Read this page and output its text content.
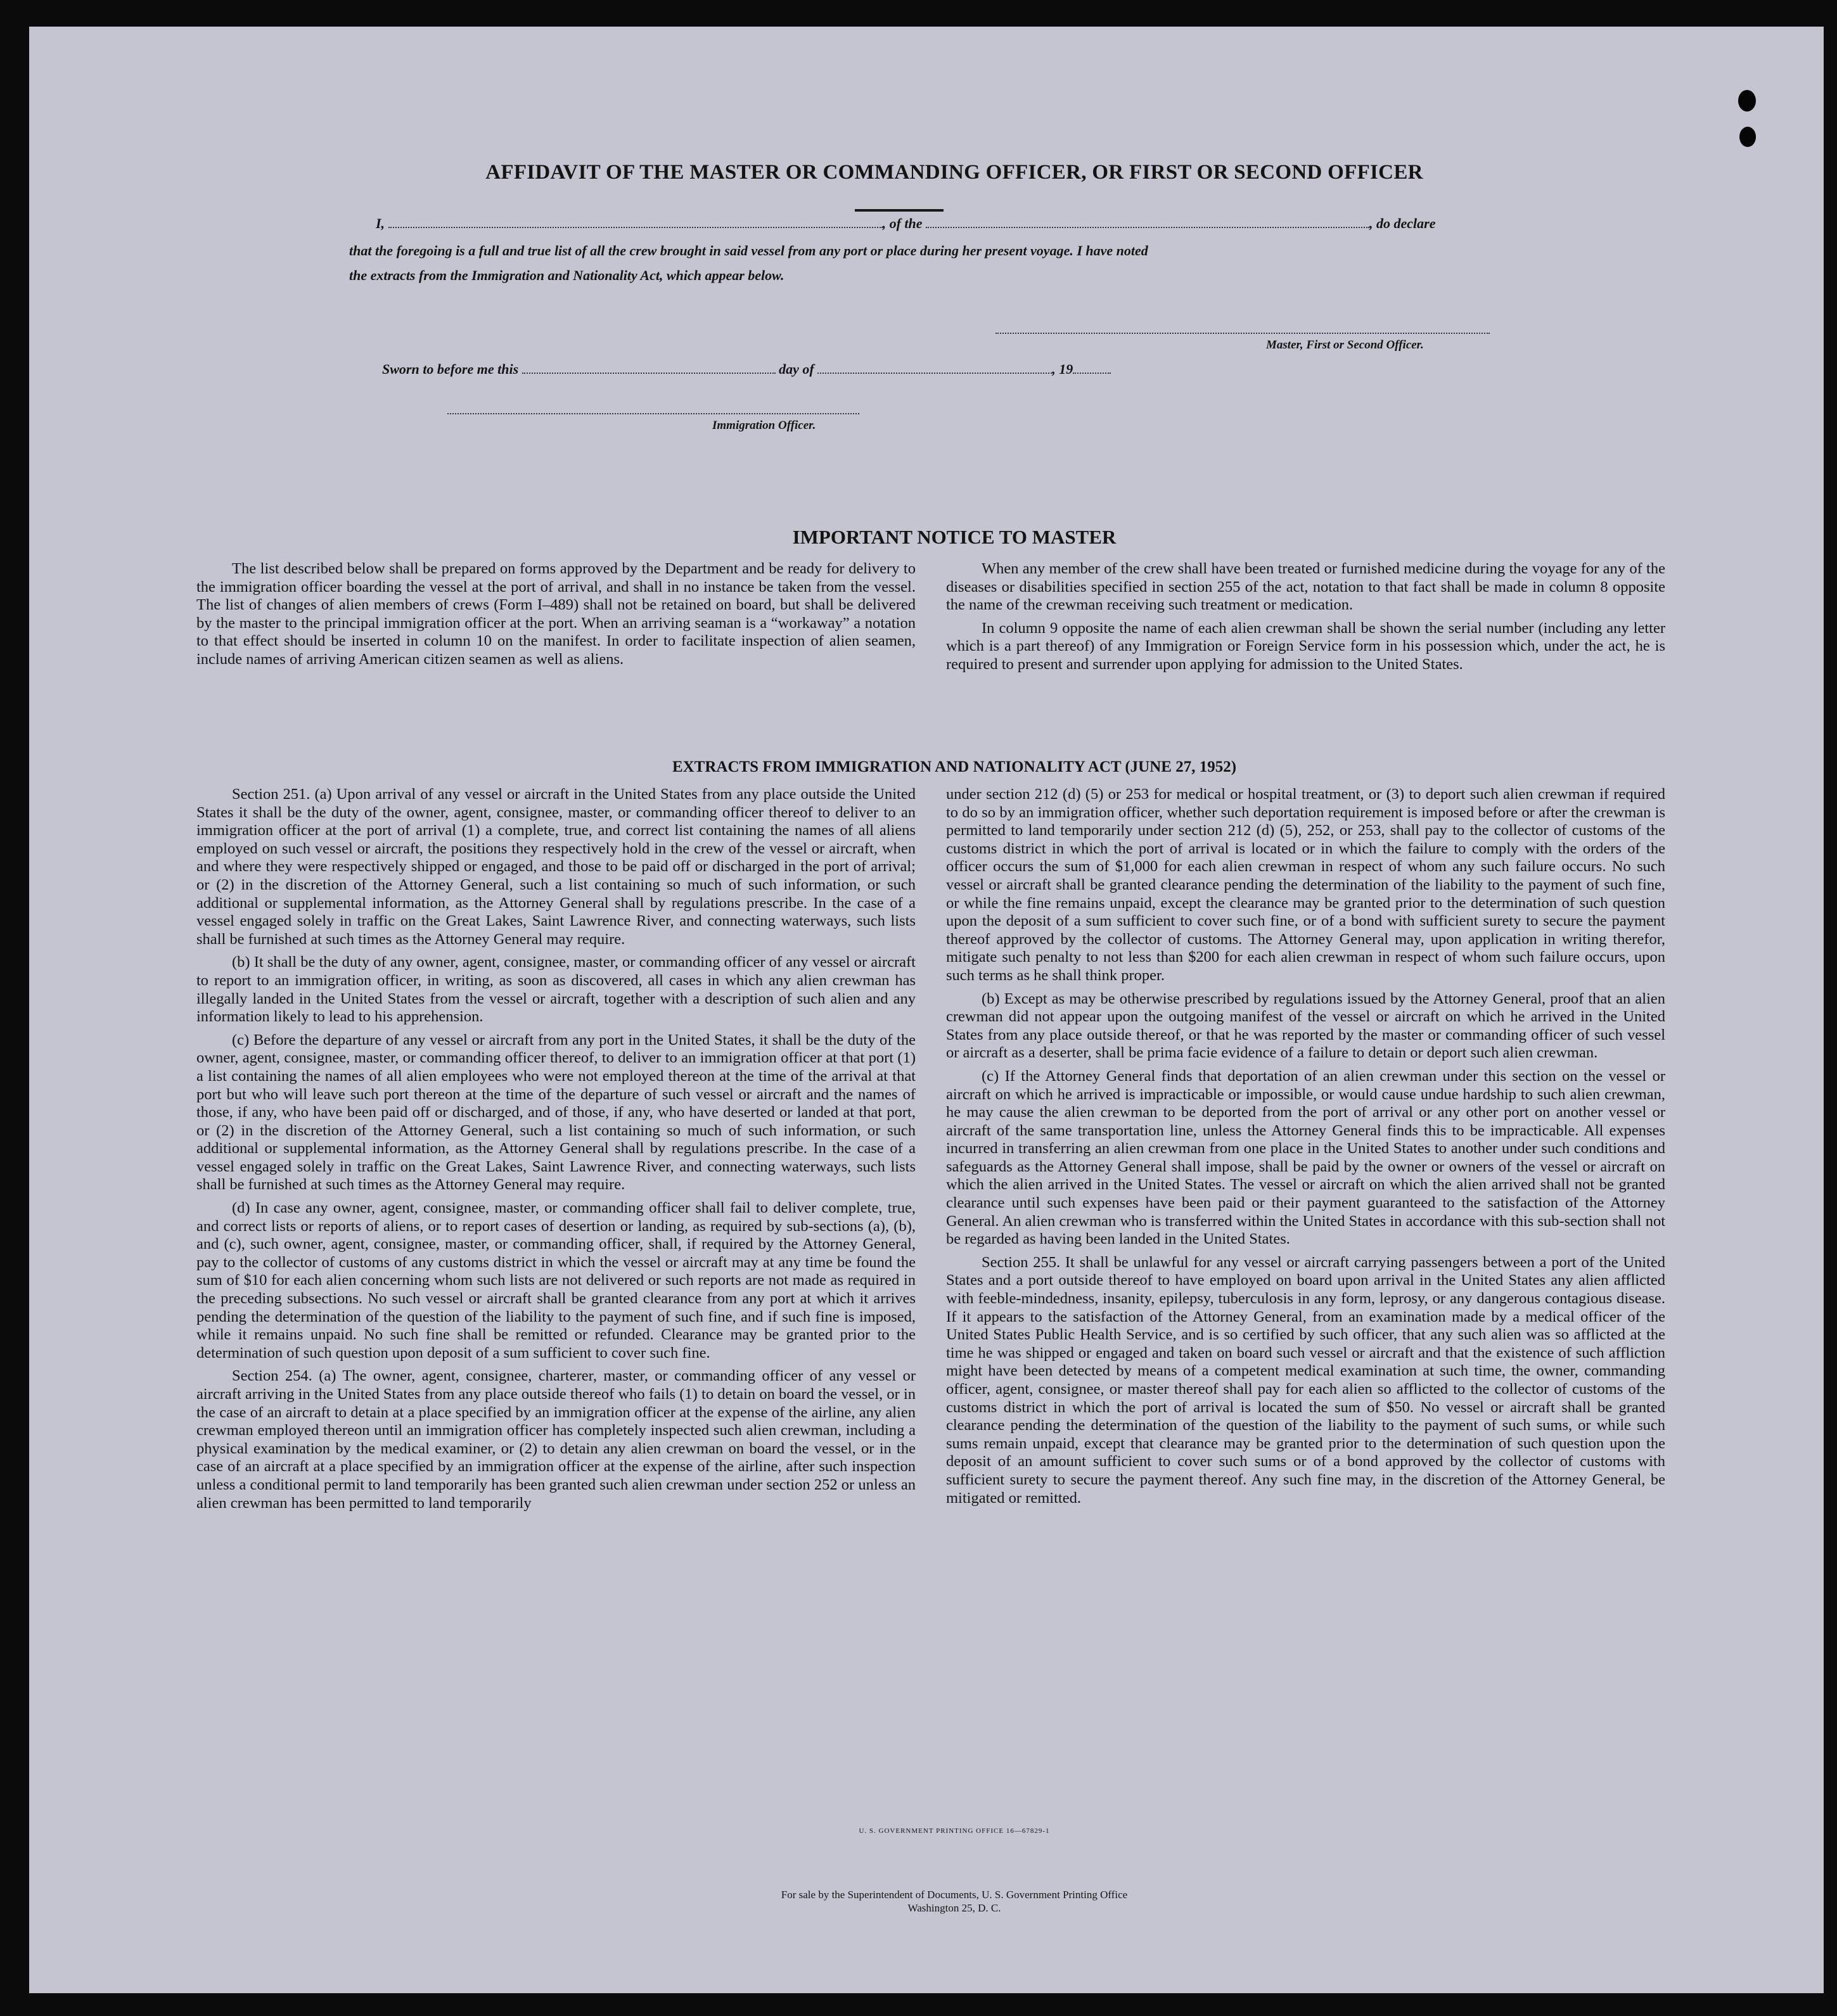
AFFIDAVIT OF THE MASTER OR COMMANDING OFFICER, OR FIRST OR SECOND OFFICER
I,	, of the	, do declare
that the foregoing is a full and true list of all the crew brought in said vessel from any port or place during her present voyage. I have noted
the extracts from the Immigration and Nationality Act, which appear below.
Master, First or Second Officer.
Sworn to before me this	day of	, 19
Immigration Officer.
IMPORTANT NOTICE TO MASTER

The list described below shall be prepared on forms approved by the Department and be ready for delivery to the immigration officer boarding the vessel at the port of arrival, and shall in no instance be taken from the vessel. The list of changes of alien members of crews (Form I–489) shall not be retained on board, but shall be delivered by the master to the principal immigration officer at the port. When an arriving seaman is a “workaway” a notation to that effect should be inserted in column 10 on the manifest. In order to facilitate inspection of alien seamen, include names of arriving American citizen seamen as well as aliens.

When any member of the crew shall have been treated or furnished medicine during the voyage for any of the diseases or disabilities specified in section 255 of the act, notation to that fact shall be made in column 8 opposite the name of the crewman receiving such treatment or medication.

In column 9 opposite the name of each alien crewman shall be shown the serial number (including any letter which is a part thereof) of any Immigration or Foreign Service form in his possession which, under the act, he is required to present and surrender upon applying for admission to the United States.

EXTRACTS FROM IMMIGRATION AND NATIONALITY ACT (JUNE 27, 1952)

Section 251. (a) Upon arrival of any vessel or aircraft in the United States from any place outside the United States it shall be the duty of the owner, agent, consignee, master, or commanding officer thereof to deliver to an immigration officer at the port of arrival (1) a complete, true, and correct list containing the names of all aliens employed on such vessel or aircraft, the positions they respectively hold in the crew of the vessel or aircraft, when and where they were respectively shipped or engaged, and those to be paid off or discharged in the port of arrival; or (2) in the discretion of the Attorney General, such a list containing so much of such information, or such additional or supplemental information, as the Attorney General shall by regulations prescribe. In the case of a vessel engaged solely in traffic on the Great Lakes, Saint Lawrence River, and connecting waterways, such lists shall be furnished at such times as the Attorney General may require.

(b) It shall be the duty of any owner, agent, consignee, master, or commanding officer of any vessel or aircraft to report to an immigration officer, in writing, as soon as discovered, all cases in which any alien crewman has illegally landed in the United States from the vessel or aircraft, together with a description of such alien and any information likely to lead to his apprehension.

(c) Before the departure of any vessel or aircraft from any port in the United States, it shall be the duty of the owner, agent, consignee, master, or commanding officer thereof, to deliver to an immigration officer at that port (1) a list containing the names of all alien employees who were not employed thereon at the time of the arrival at that port but who will leave such port thereon at the time of the departure of such vessel or aircraft and the names of those, if any, who have been paid off or discharged, and of those, if any, who have deserted or landed at that port, or (2) in the discretion of the Attorney General, such a list containing so much of such information, or such additional or supplemental information, as the Attorney General shall by regulations prescribe. In the case of a vessel engaged solely in traffic on the Great Lakes, Saint Lawrence River, and connecting waterways, such lists shall be furnished at such times as the Attorney General may require.

(d) In case any owner, agent, consignee, master, or commanding officer shall fail to deliver complete, true, and correct lists or reports of aliens, or to report cases of desertion or landing, as required by sub-sections (a), (b), and (c), such owner, agent, consignee, master, or commanding officer, shall, if required by the Attorney General, pay to the collector of customs of any customs district in which the vessel or aircraft may at any time be found the sum of $10 for each alien concerning whom such lists are not delivered or such reports are not made as required in the preceding subsections. No such vessel or aircraft shall be granted clearance from any port at which it arrives pending the determination of the question of the liability to the payment of such fine, and if such fine is imposed, while it remains unpaid. No such fine shall be remitted or refunded. Clearance may be granted prior to the determination of such question upon deposit of a sum sufficient to cover such fine.

Section 254. (a) The owner, agent, consignee, charterer, master, or commanding officer of any vessel or aircraft arriving in the United States from any place outside thereof who fails (1) to detain on board the vessel, or in the case of an aircraft to detain at a place specified by an immigration officer at the expense of the airline, any alien crewman employed thereon until an immigration officer has completely inspected such alien crewman, including a physical examination by the medical examiner, or (2) to detain any alien crewman on board the vessel, or in the case of an aircraft at a place specified by an immigration officer at the expense of the airline, after such inspection unless a conditional permit to land temporarily has been granted such alien crewman under section 252 or unless an alien crewman has been permitted to land temporarily

under section 212 (d) (5) or 253 for medical or hospital treatment, or (3) to deport such alien crewman if required to do so by an immigration officer, whether such deportation requirement is imposed before or after the crewman is permitted to land temporarily under section 212 (d) (5), 252, or 253, shall pay to the collector of customs of the customs district in which the port of arrival is located or in which the failure to comply with the orders of the officer occurs the sum of $1,000 for each alien crewman in respect of whom any such failure occurs. No such vessel or aircraft shall be granted clearance pending the determination of the liability to the payment of such fine, or while the fine remains unpaid, except the clearance may be granted prior to the determination of such question upon the deposit of a sum sufficient to cover such fine, or of a bond with sufficient surety to secure the payment thereof approved by the collector of customs. The Attorney General may, upon application in writing therefor, mitigate such penalty to not less than $200 for each alien crewman in respect of whom such failure occurs, upon such terms as he shall think proper.

(b) Except as may be otherwise prescribed by regulations issued by the Attorney General, proof that an alien crewman did not appear upon the outgoing manifest of the vessel or aircraft on which he arrived in the United States from any place outside thereof, or that he was reported by the master or commanding officer of such vessel or aircraft as a deserter, shall be prima facie evidence of a failure to detain or deport such alien crewman.

(c) If the Attorney General finds that deportation of an alien crewman under this section on the vessel or aircraft on which he arrived is impracticable or impossible, or would cause undue hardship to such alien crewman, he may cause the alien crewman to be deported from the port of arrival or any other port on another vessel or aircraft of the same transportation line, unless the Attorney General finds this to be impracticable. All expenses incurred in transferring an alien crewman from one place in the United States to another under such conditions and safeguards as the Attorney General shall impose, shall be paid by the owner or owners of the vessel or aircraft on which the alien arrived in the United States. The vessel or aircraft on which the alien arrived shall not be granted clearance until such expenses have been paid or their payment guaranteed to the satisfaction of the Attorney General. An alien crewman who is transferred within the United States in accordance with this sub-section shall not be regarded as having been landed in the United States.

Section 255. It shall be unlawful for any vessel or aircraft carrying passengers between a port of the United States and a port outside thereof to have employed on board upon arrival in the United States any alien afflicted with feeble-mindedness, insanity, epilepsy, tuberculosis in any form, leprosy, or any dangerous contagious disease. If it appears to the satisfaction of the Attorney General, from an examination made by a medical officer of the United States Public Health Service, and is so certified by such officer, that any such alien was so afflicted at the time he was shipped or engaged and taken on board such vessel or aircraft and that the existence of such affliction might have been detected by means of a competent medical examination at such time, the owner, commanding officer, agent, consignee, or master thereof shall pay for each alien so afflicted to the collector of customs of the customs district in which the port of arrival is located the sum of $50. No vessel or aircraft shall be granted clearance pending the determination of the question of the liability to the payment of such sums, or while such sums remain unpaid, except that clearance may be granted prior to the determination of such question upon the deposit of an amount sufficient to cover such sums or of a bond approved by the collector of customs with sufficient surety to secure the payment thereof. Any such fine may, in the discretion of the Attorney General, be mitigated or remitted.

U. S. GOVERNMENT PRINTING OFFICE 16—67829-1
For sale by the Superintendent of Documents, U. S. Government Printing Office
Washington 25, D. C.
